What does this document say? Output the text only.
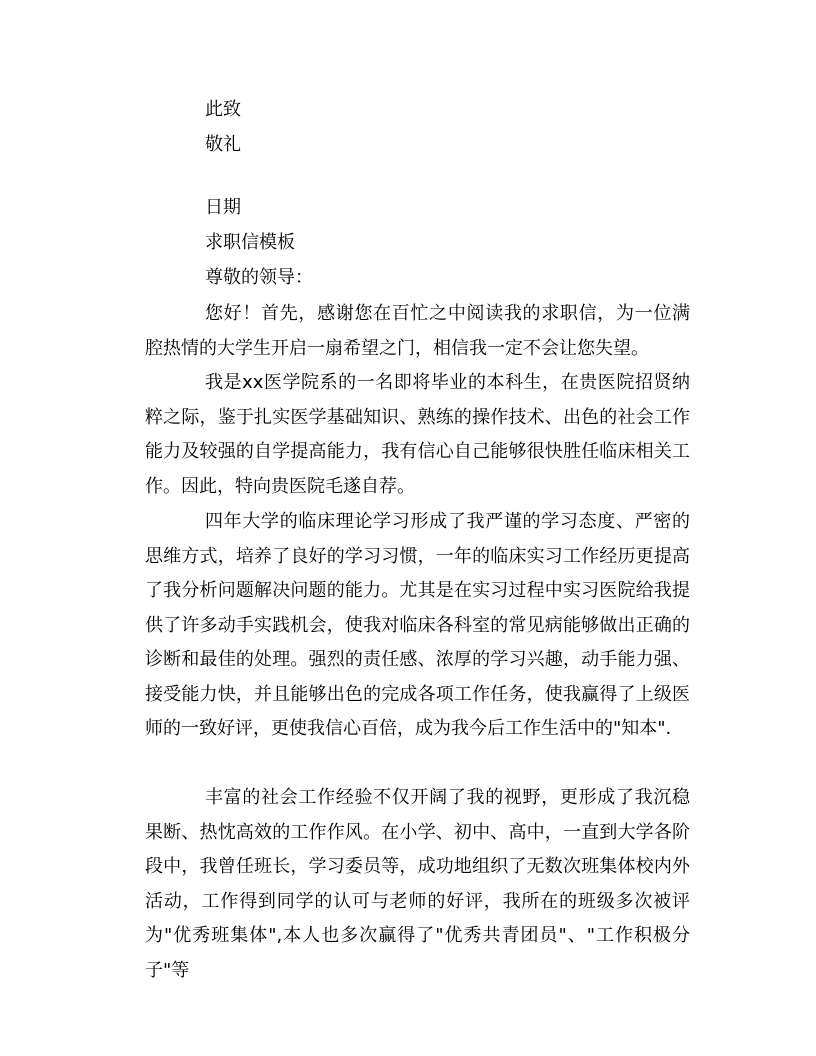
此致
敬礼
日期
求职信模板
尊敬的领导：

您好！首先，感谢您在百忙之中阅读我的求职信，为一位满腔热情的大学生开启一扇希望之门，相信我一定不会让您失望。

我是xx医学院系的一名即将毕业的本科生，在贵医院招贤纳粹之际，鉴于扎实医学基础知识、熟练的操作技术、出色的社会工作能力及较强的自学提高能力，我有信心自己能够很快胜任临床相关工作。因此，特向贵医院毛遂自荐。

四年大学的临床理论学习形成了我严谨的学习态度、严密的思维方式，培养了良好的学习习惯，一年的临床实习工作经历更提高了我分析问题解决问题的能力。尤其是在实习过程中实习医院给我提供了许多动手实践机会，使我对临床各科室的常见病能够做出正确的诊断和最佳的处理。强烈的责任感、浓厚的学习兴趣，动手能力强、接受能力快，并且能够出色的完成各项工作任务，使我赢得了上级医师的一致好评，更使我信心百倍，成为我今后工作生活中的"知本".

丰富的社会工作经验不仅开阔了我的视野，更形成了我沉稳果断、热忱高效的工作作风。在小学、初中、高中，一直到大学各阶段中，我曾任班长，学习委员等，成功地组织了无数次班集体校内外活动，工作得到同学的认可与老师的好评，我所在的班级多次被评为"优秀班集体",本人也多次赢得了"优秀共青团员"、"工作积极分子"等
